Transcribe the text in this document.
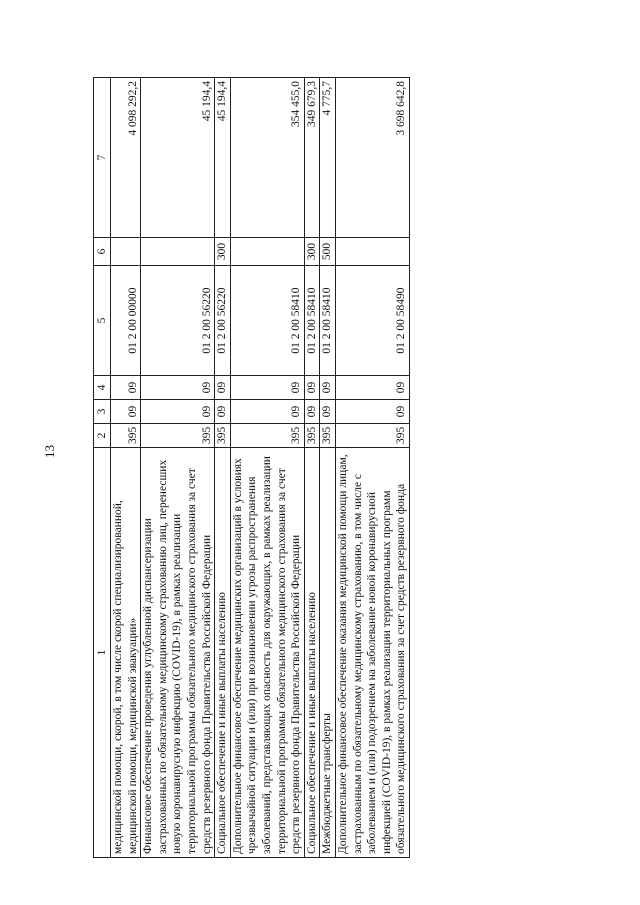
13
1	2	3	4	5	6	7
медицинской помощи, скорой, в том числе скорой специализированной, медицинской помощи, медицинской эвакуации»	395	09	09	01 2 00 00000		4 098 292,2
Финансовое обеспечение проведения углубленной диспансеризации застрахованных по обязательному медицинскому страхованию лиц, перенесших новую коронавирусную инфекцию (COVID-19), в рамках реализации территориальной программы обязательного медицинского страхования за счет средств резервного фонда Правительства Российской Федерации	395	09	09	01 2 00 56220		45 194,4
Социальное обеспечение и иные выплаты населению	395	09	09	01 2 00 56220	300	45 194,4
Дополнительное финансовое обеспечение медицинских организаций в условиях чрезвычайной ситуации и (или) при возникновении угрозы распространения заболеваний, представляющих опасность для окружающих, в рамках реализации территориальной программы обязательного медицинского страхования за счет средств резервного фонда Правительства Российской Федерации	395	09	09	01 2 00 58410		354 455,0
Социальное обеспечение и иные выплаты населению	395	09	09	01 2 00 58410	300	349 679,3
Межбюджетные трансферты	395	09	09	01 2 00 58410	500	4 775,7
Дополнительное финансовое обеспечение оказания медицинской помощи лицам, застрахованным по обязательному медицинскому страхованию, в том числе с заболеванием и (или) подозрением на заболевание новой коронавирусной инфекцией (COVID-19), в рамках реализации территориальных программ обязательного медицинского страхования за счет средств резервного фонда	395	09	09	01 2 00 58490		3 698 642,8
